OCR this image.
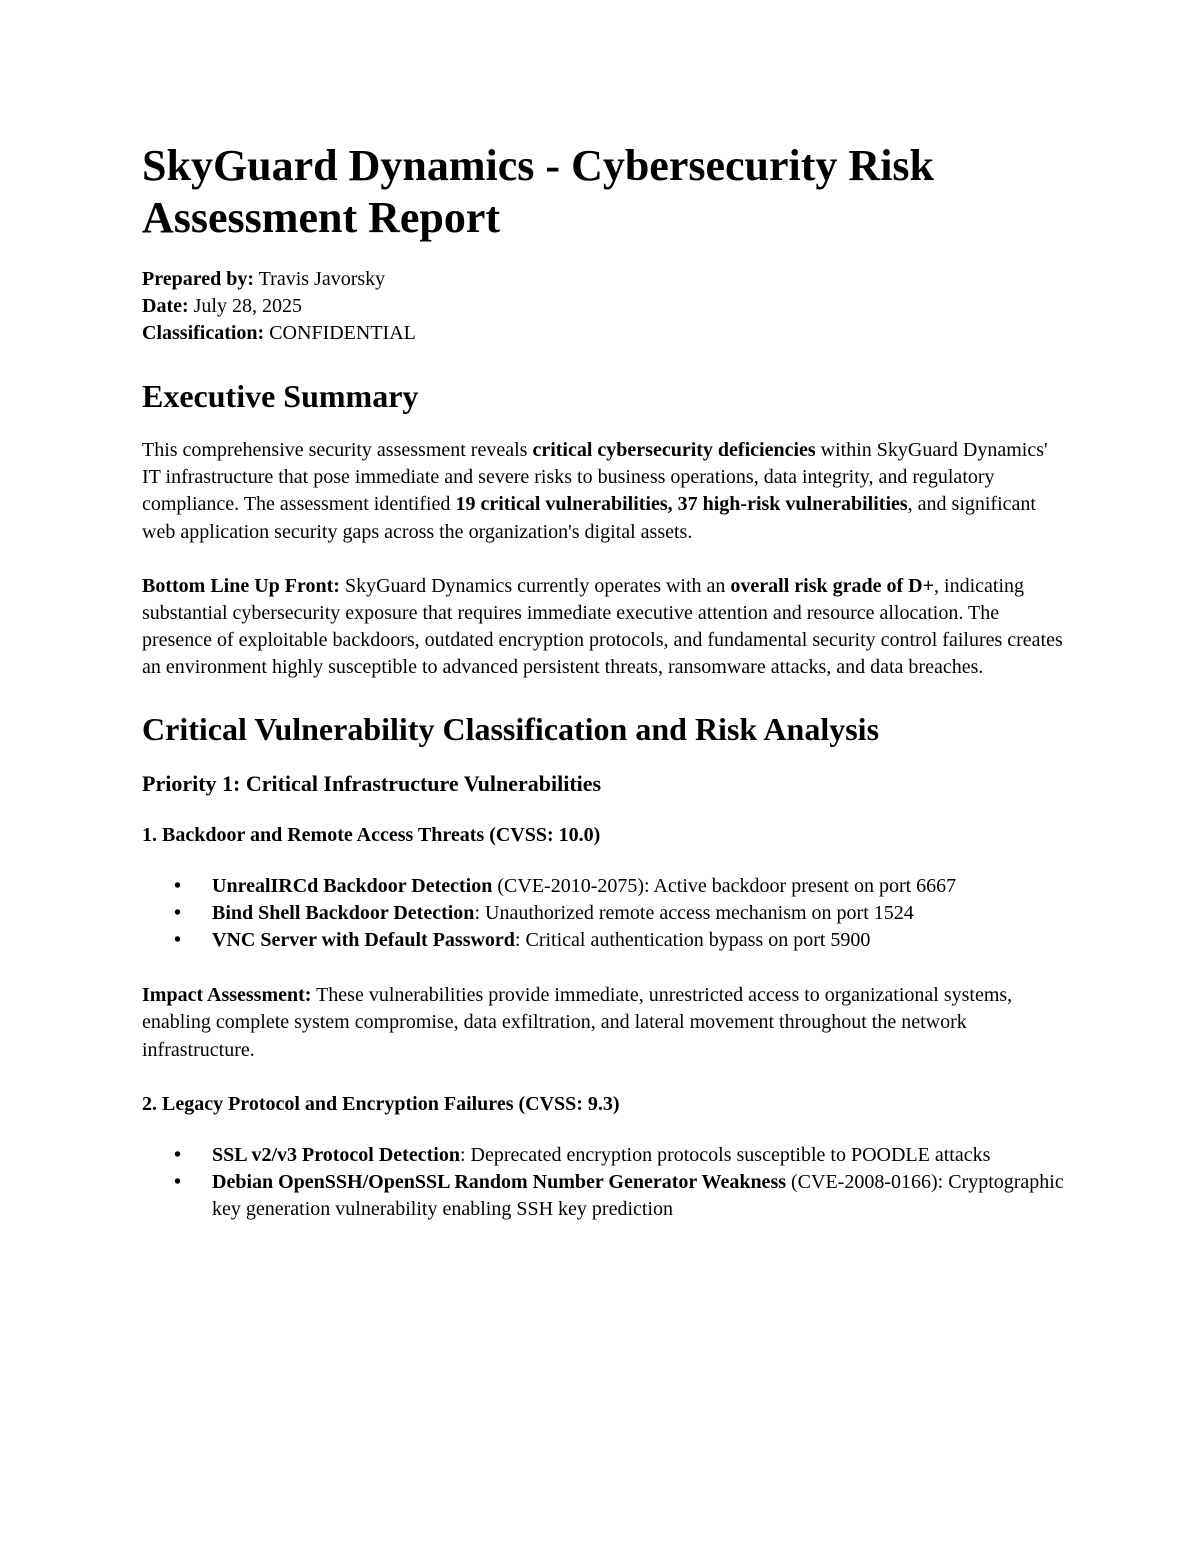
SkyGuard Dynamics - Cybersecurity Risk Assessment Report
Prepared by: Travis Javorsky
Date: July 28, 2025
Classification: CONFIDENTIAL
Executive Summary

This comprehensive security assessment reveals critical cybersecurity deficiencies within SkyGuard Dynamics' IT infrastructure that pose immediate and severe risks to business operations, data integrity, and regulatory compliance. The assessment identified 19 critical vulnerabilities, 37 high-risk vulnerabilities, and significant web application security gaps across the organization's digital assets.

Bottom Line Up Front: SkyGuard Dynamics currently operates with an overall risk grade of D+, indicating substantial cybersecurity exposure that requires immediate executive attention and resource allocation. The presence of exploitable backdoors, outdated encryption protocols, and fundamental security control failures creates an environment highly susceptible to advanced persistent threats, ransomware attacks, and data breaches.

Critical Vulnerability Classification and Risk Analysis
Priority 1: Critical Infrastructure Vulnerabilities
1. Backdoor and Remote Access Threats (CVSS: 10.0)
• UnrealIRCd Backdoor Detection (CVE-2010-2075): Active backdoor present on port 6667
• Bind Shell Backdoor Detection: Unauthorized remote access mechanism on port 1524
• VNC Server with Default Password: Critical authentication bypass on port 5900

Impact Assessment: These vulnerabilities provide immediate, unrestricted access to organizational systems, enabling complete system compromise, data exfiltration, and lateral movement throughout the network infrastructure.

2. Legacy Protocol and Encryption Failures (CVSS: 9.3)
• SSL v2/v3 Protocol Detection: Deprecated encryption protocols susceptible to POODLE attacks
• Debian OpenSSH/OpenSSL Random Number Generator Weakness (CVE-2008-0166): Cryptographic key generation vulnerability enabling SSH key prediction
